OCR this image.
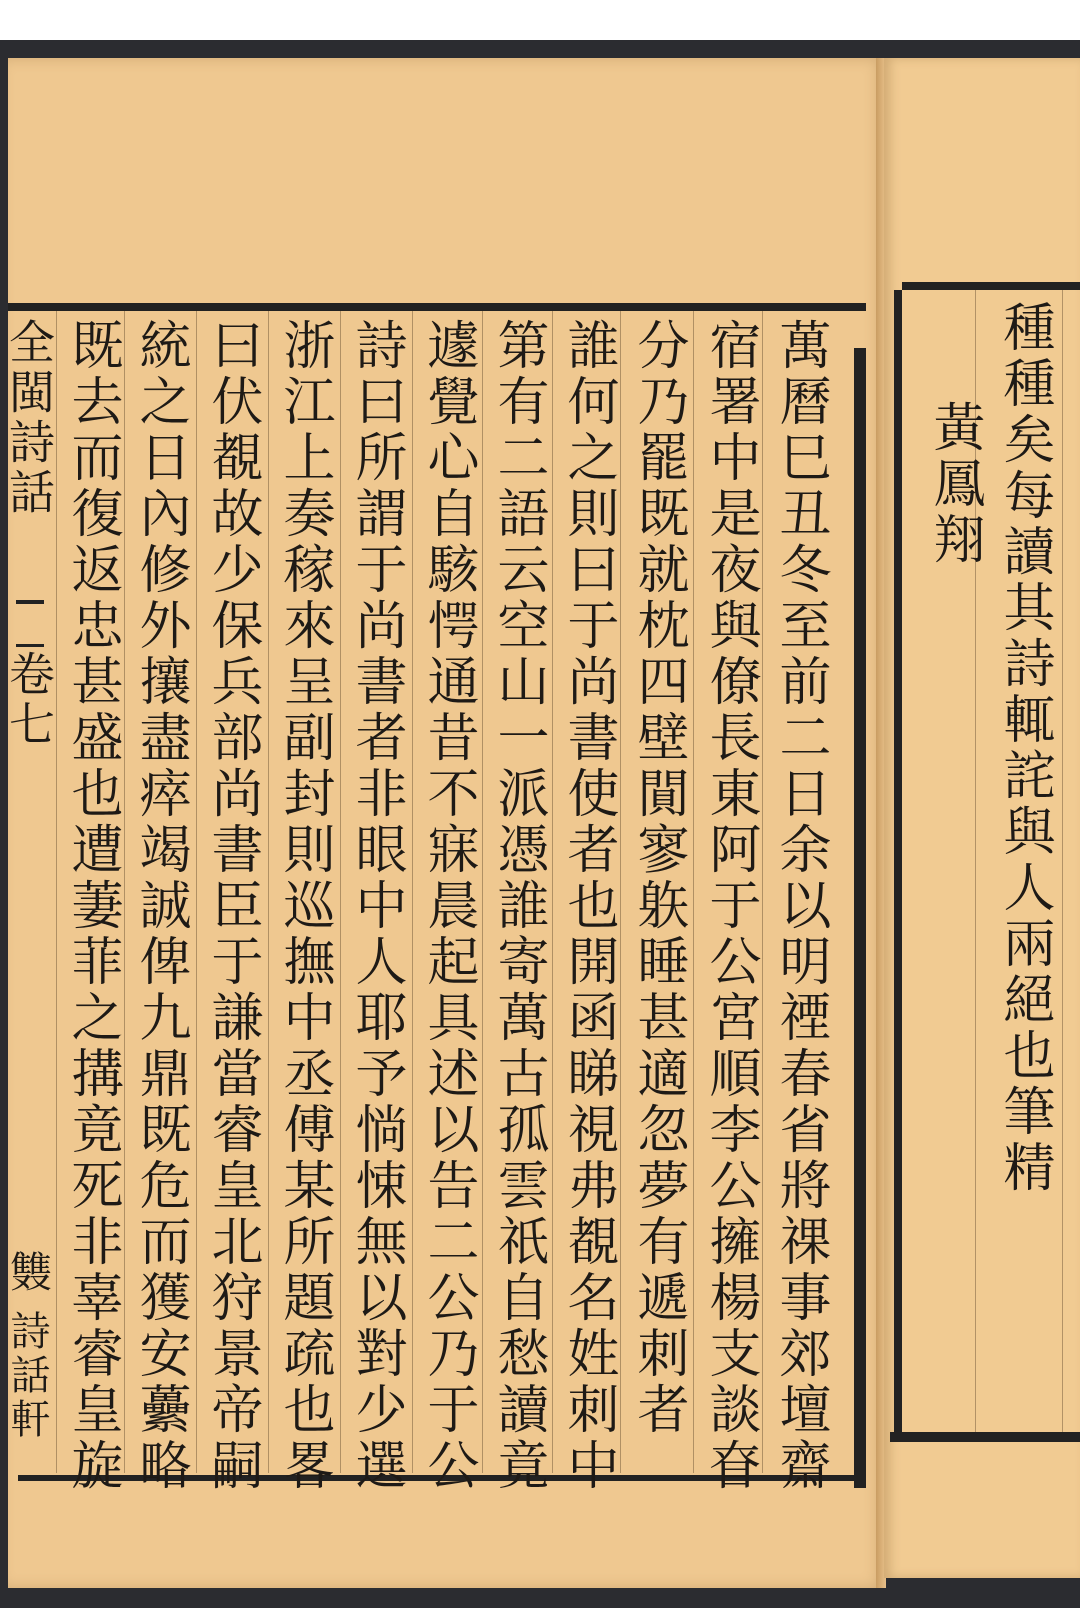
萬曆巳丑冬至前二日余以明禋春省將祼事郊壇齋
宿署中是夜與僚長東阿于公宮順李公擁楊支談眘
分乃罷既就枕四壁閴寥䠶睡甚適忽夢有遞刺者
誰何之則曰于尚書使者也開函睇視弗覩名姓刺中
第有二語云空山一派憑誰寄萬古孤雲祇自愁讀竟
遽覺心自駭愕通昔不寐晨起具述以告二公乃于公
詩曰所謂于尚書者非眼中人耶予惝悚無以對少選
浙江上奏稼來呈副封則巡撫中丞傅某所題疏也畧
曰伏覩故少保兵部尚書臣于謙當睿皇北狩景帝嗣
統之日內修外攘盡瘁竭誠俾九鼎既危而獲安虆略
既去而復返忠甚盛也遭萋菲之搆竟死非辜睿皇旋
全閩詩話
卷七
䨇
詩話軒
種種矣每讀其詩輒詫與人兩絕也筆精
黃鳳翔
